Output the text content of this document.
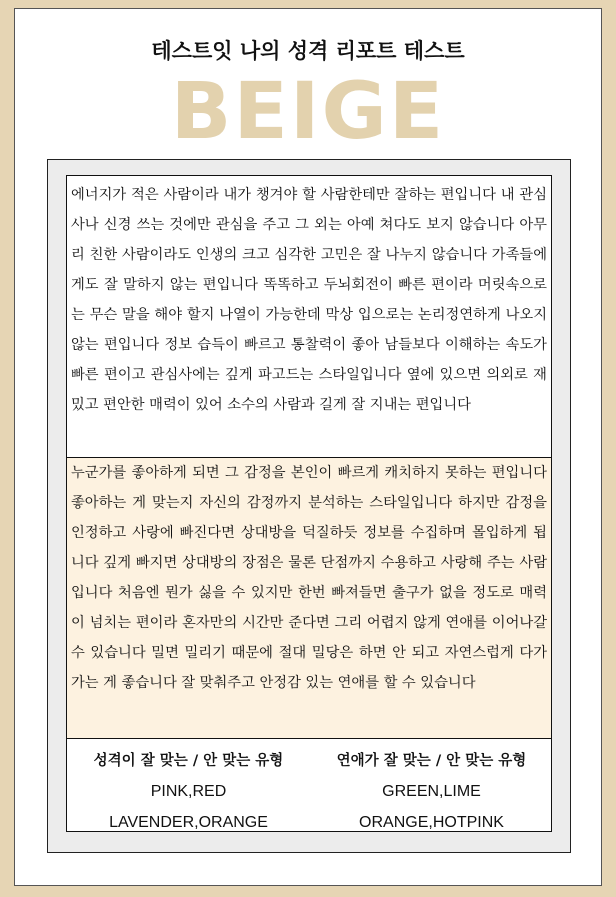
테스트잇 나의 성격 리포트 테스트
BEIGE
에너지가 적은 사람이라 내가 챙겨야 할 사람한테만 잘하는 편입니다 내 관심사나 신경 쓰는 것에만 관심을 주고 그 외는 아예 쳐다도 보지 않습니다 아무리 친한 사람이라도 인생의 크고 심각한 고민은 잘 나누지 않습니다 가족들에게도 잘 말하지 않는 편입니다 똑똑하고 두뇌회전이 빠른 편이라 머릿속으로는 무슨 말을 해야 할지 나열이 가능한데 막상 입으로는 논리정연하게 나오지 않는 편입니다 정보 습득이 빠르고 통찰력이 좋아 남들보다 이해하는 속도가 빠른 편이고 관심사에는 깊게 파고드는 스타일입니다 옆에 있으면 의외로 재밌고 편안한 매력이 있어 소수의 사람과 길게 잘 지내는 편입니다
누군가를 좋아하게 되면 그 감정을 본인이 빠르게 캐치하지 못하는 편입니다 좋아하는 게 맞는지 자신의 감정까지 분석하는 스타일입니다 하지만 감정을 인정하고 사랑에 빠진다면 상대방을 덕질하듯 정보를 수집하며 몰입하게 됩니다 깊게 빠지면 상대방의 장점은 물론 단점까지 수용하고 사랑해 주는 사람입니다 처음엔 뭔가 싫을 수 있지만 한번 빠져들면 출구가 없을 정도로 매력이 넘치는 편이라 혼자만의 시간만 준다면 그리 어렵지 않게 연애를 이어나갈 수 있습니다 밀면 밀리기 때문에 절대 밀당은 하면 안 되고 자연스럽게 다가가는 게 좋습니다 잘 맞춰주고 안정감 있는 연애를 할 수 있습니다
성격이 잘 맞는 / 안 맞는 유형
PINK,RED
LAVENDER,ORANGE
연애가 잘 맞는 / 안 맞는 유형
GREEN,LIME
ORANGE,HOTPINK
